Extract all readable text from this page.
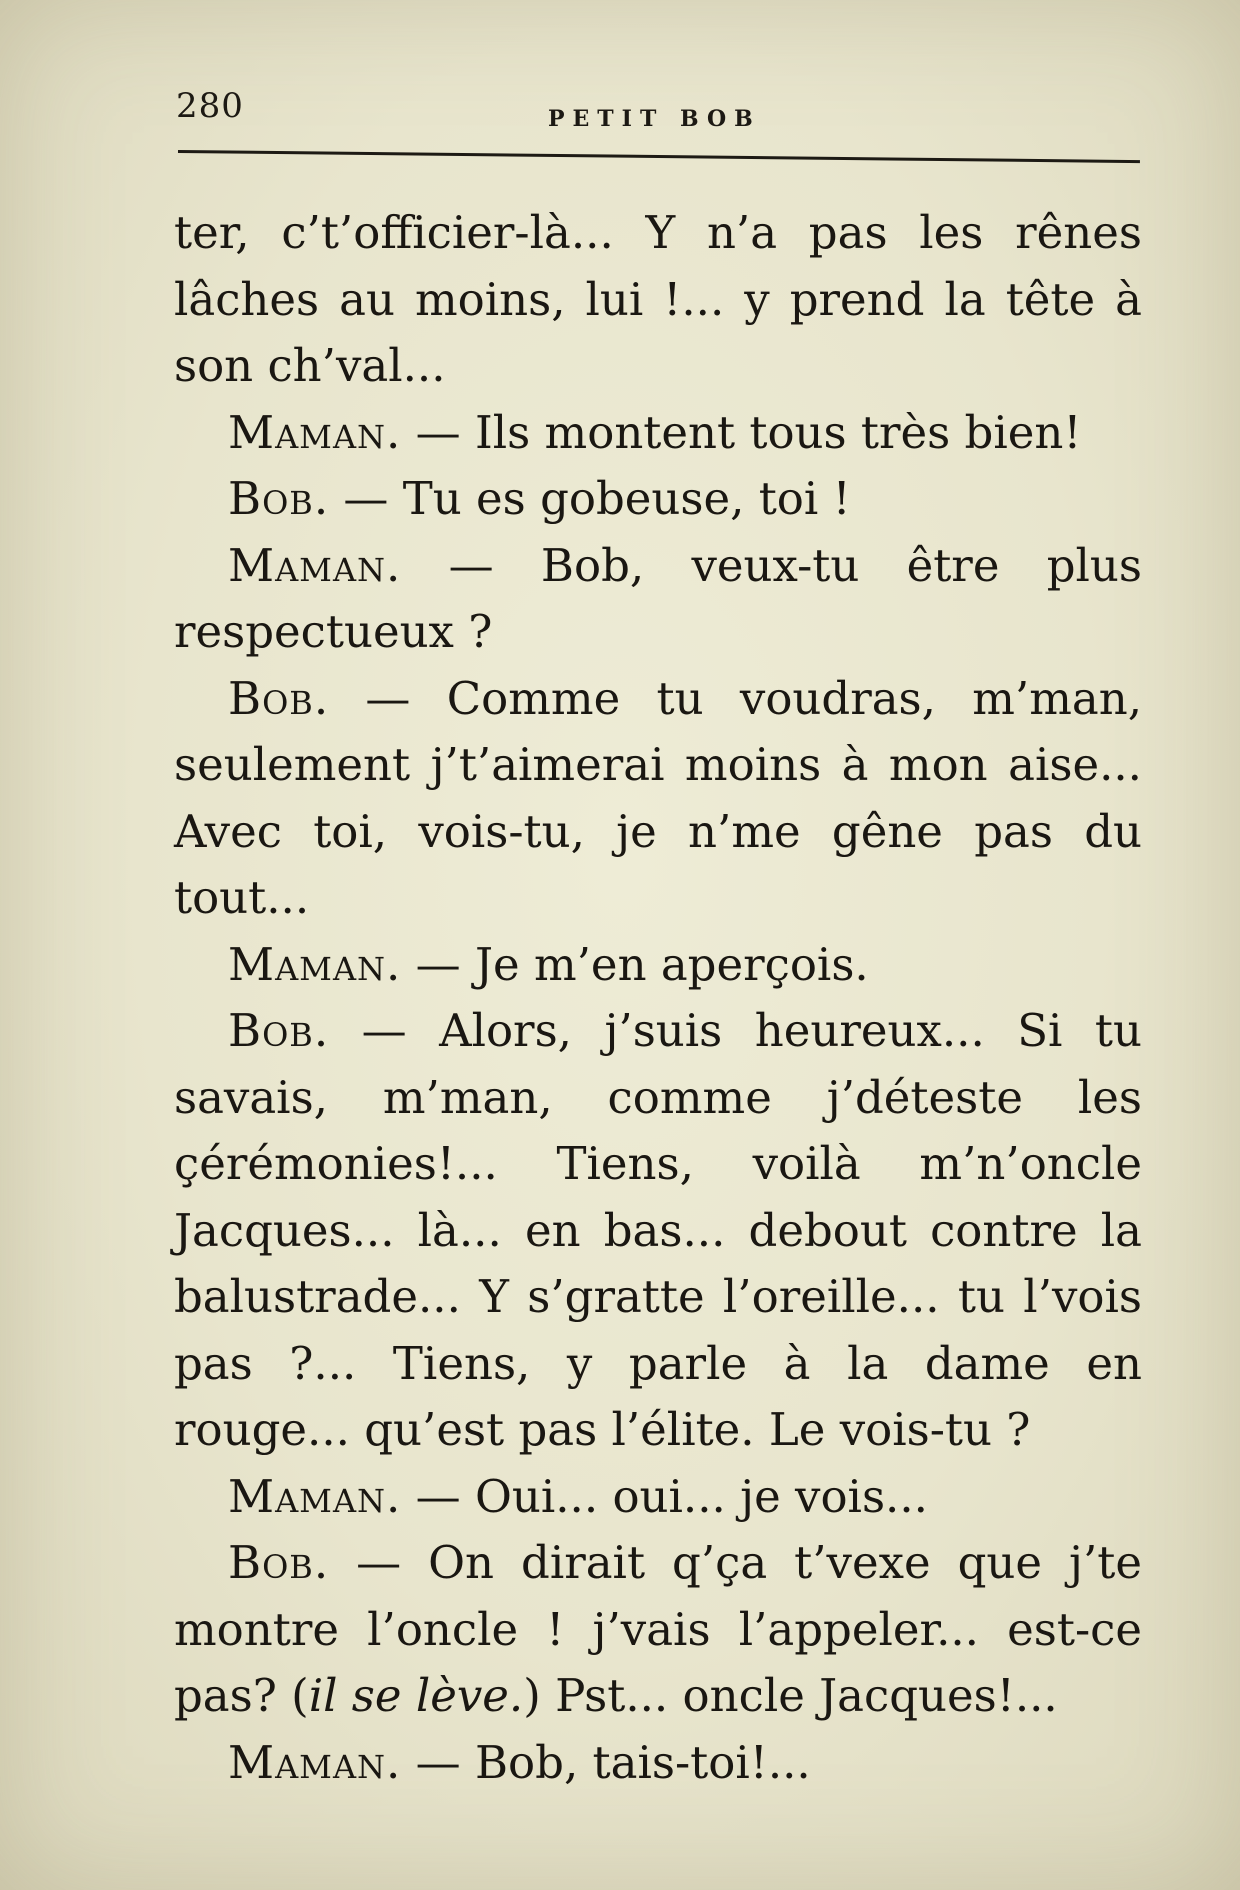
280	PETIT BOB

ter, c’t’officier-là... Y n’a pas les rênes lâches au moins, lui !... y prend la tête à son ch’val...

Maman. — Ils montent tous très bien!

Bob. — Tu es gobeuse, toi !

Maman. — Bob, veux-tu être plus respectueux ?

Bob. — Comme tu voudras, m’man, seulement j’t’aimerai moins à mon aise... Avec toi, vois-tu, je n’me gêne pas du tout...

Maman. — Je m’en aperçois.

Bob. — Alors, j’suis heureux... Si tu savais, m’man, comme j’déteste les çérémonies!... Tiens, voilà m’n’oncle Jacques... là... en bas... debout contre la balustrade... Y s’gratte l’oreille... tu l’vois pas ?... Tiens, y parle à la dame en rouge... qu’est pas l’élite. Le vois-tu ?

Maman. — Oui... oui... je vois...

Bob. — On dirait q’ça t’vexe que j’te montre l’oncle ! j’vais l’appeler... est-ce pas? (il se lève.) Pst... oncle Jacques!...

Maman. — Bob, tais-toi!...
